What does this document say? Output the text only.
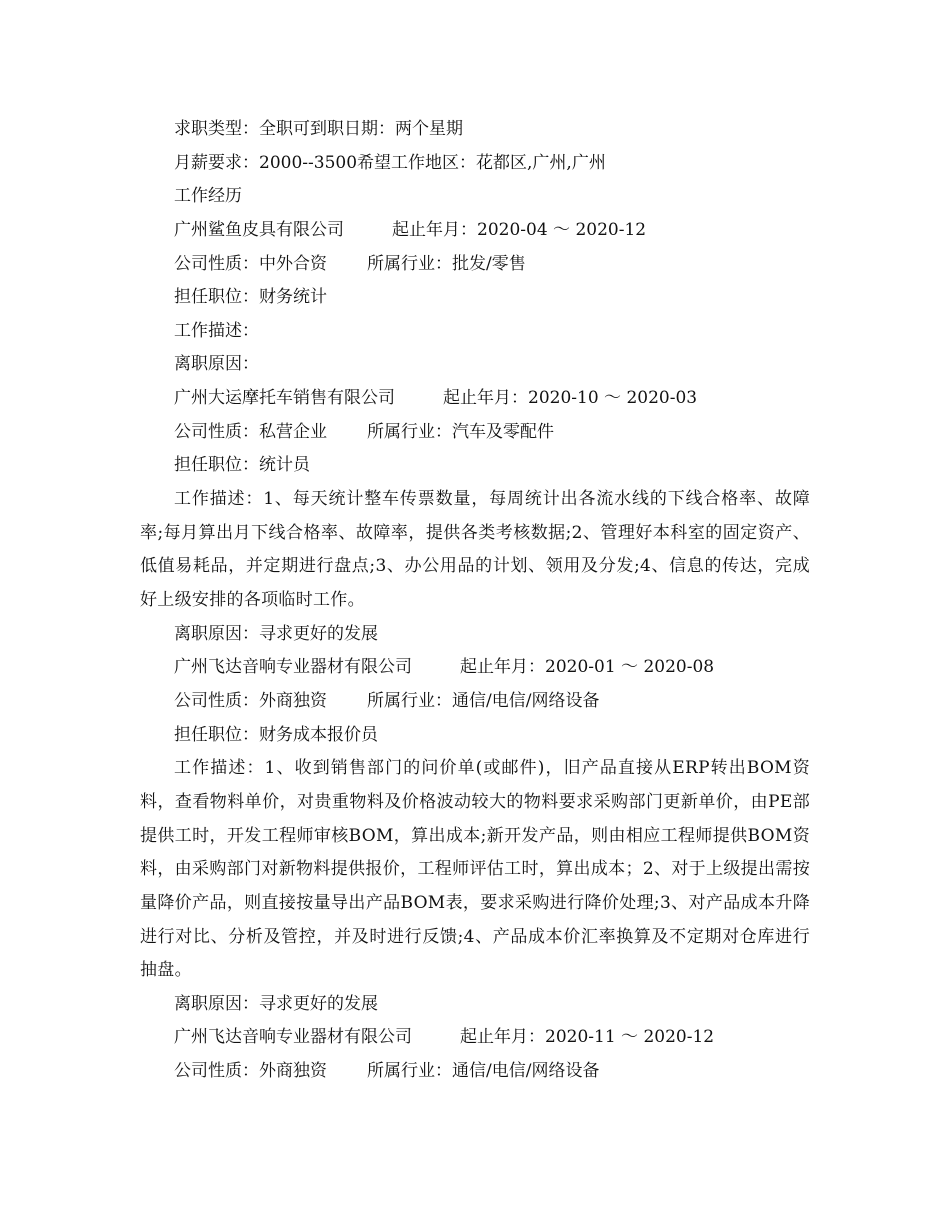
求职类型：全职可到职日期：两个星期
月薪要求：2000--3500希望工作地区：花都区,广州,广州
工作经历
广州鲨鱼皮具有限公司	起止年月：2020-04 ～ 2020-12
公司性质：中外合资 所属行业：批发/零售
担任职位：财务统计
工作描述：
离职原因：
广州大运摩托车销售有限公司	起止年月：2020-10 ～ 2020-03
公司性质：私营企业 所属行业：汽车及零配件
担任职位：统计员
工作描述：1、每天统计整车传票数量，每周统计出各流水线的下线合格率、故障率;每月算出月下线合格率、故障率，提供各类考核数据;2、管理好本科室的固定资产、低值易耗品，并定期进行盘点;3、办公用品的计划、领用及分发;4、信息的传达，完成好上级安排的各项临时工作。
离职原因：寻求更好的发展
广州飞达音响专业器材有限公司	起止年月：2020-01 ～ 2020-08
公司性质：外商独资 所属行业：通信/电信/网络设备
担任职位：财务成本报价员
工作描述：1、收到销售部门的问价单(或邮件)，旧产品直接从ERP转出BOM资料，查看物料单价，对贵重物料及价格波动较大的物料要求采购部门更新单价，由PE部提供工时，开发工程师审核BOM，算出成本;新开发产品，则由相应工程师提供BOM资料，由采购部门对新物料提供报价，工程师评估工时，算出成本；2、对于上级提出需按量降价产品，则直接按量导出产品BOM表，要求采购进行降价处理;3、对产品成本升降进行对比、分析及管控，并及时进行反馈;4、产品成本价汇率换算及不定期对仓库进行抽盘。
离职原因：寻求更好的发展
广州飞达音响专业器材有限公司	起止年月：2020-11 ～ 2020-12
公司性质：外商独资 所属行业：通信/电信/网络设备
